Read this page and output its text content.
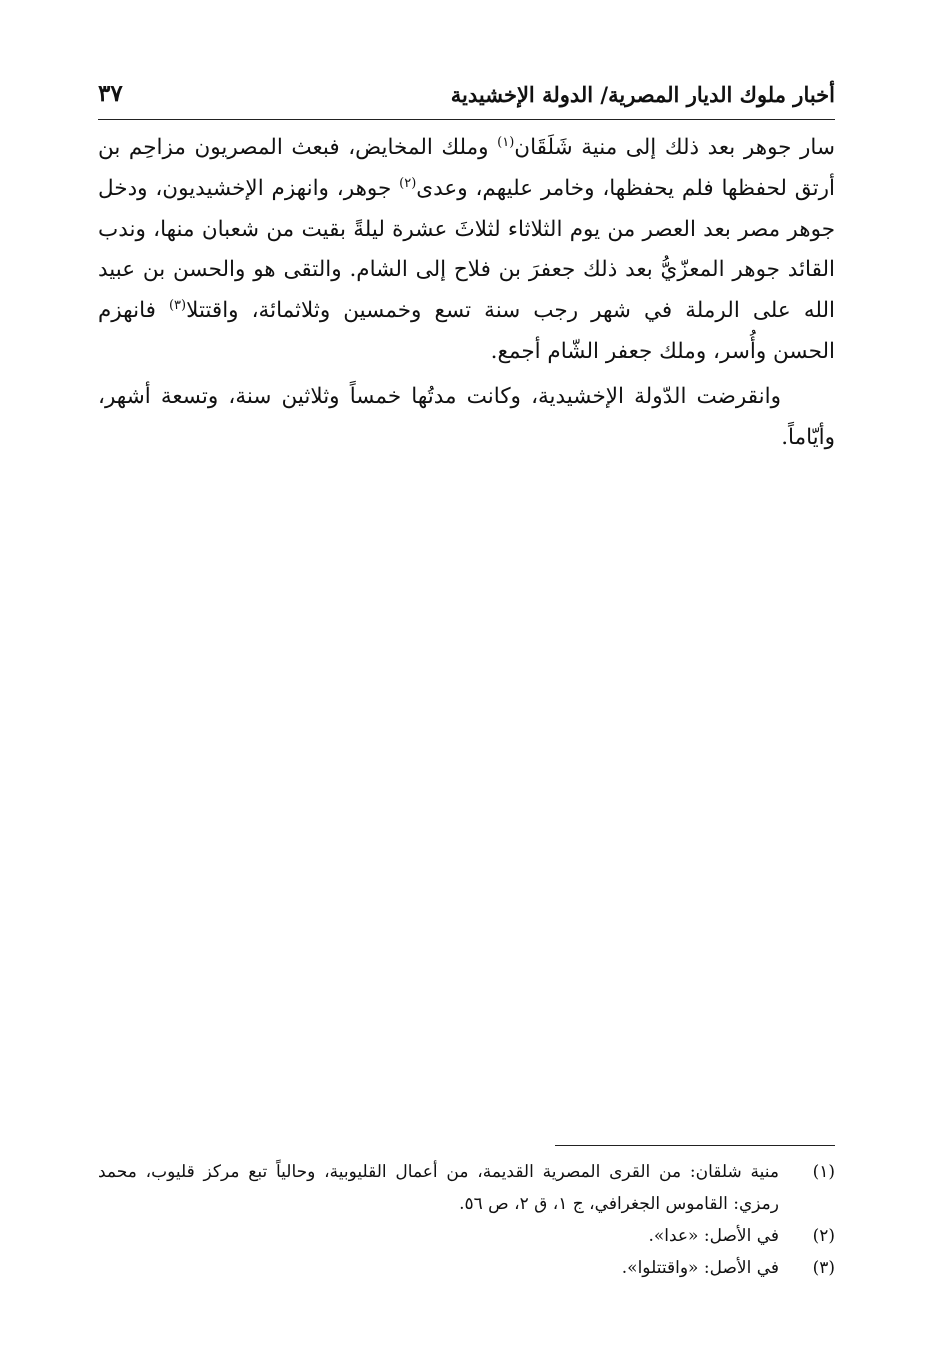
أخبار ملوك الديار المصرية/ الدولة الإخشيدية
٣٧

سار جوهر بعد ذلك إلى منية شَلَقَان$^{(١)}$ وملك المخايض، فبعث المصريون مزاحِم بن أرتق لحفظها فلم يحفظها، وخامر عليهم، وعدى$^{(٢)}$ جوهر، وانهزم الإخشيديون، ودخل جوهر مصر بعد العصر من يوم الثلاثاء لثلاثَ عشرة ليلةً بقيت من شعبان منها، وندب القائد جوهر المعزّيُّ بعد ذلك جعفرَ بن فلاح إلى الشام. والتقى هو والحسن بن عبيد الله على الرملة في شهر رجب سنة تسع وخمسين وثلاثمائة، واقتتلا$^{(٣)}$ فانهزم الحسن وأُسر، وملك جعفر الشّام أجمع.

وانقرضت الدّولة الإخشيدية، وكانت مدتُها خمساً وثلاثين سنة، وتسعة أشهر، وأيّاماً.

(١)
منية شلقان: من القرى المصرية القديمة، من أعمال القليوبية، وحالياً تبع مركز قليوب، محمد رمزي: القاموس الجغرافي، ج ١، ق ٢، ص ٥٦.
(٢)
في الأصل: «عدا».
(٣)
في الأصل: «واقتتلوا».
